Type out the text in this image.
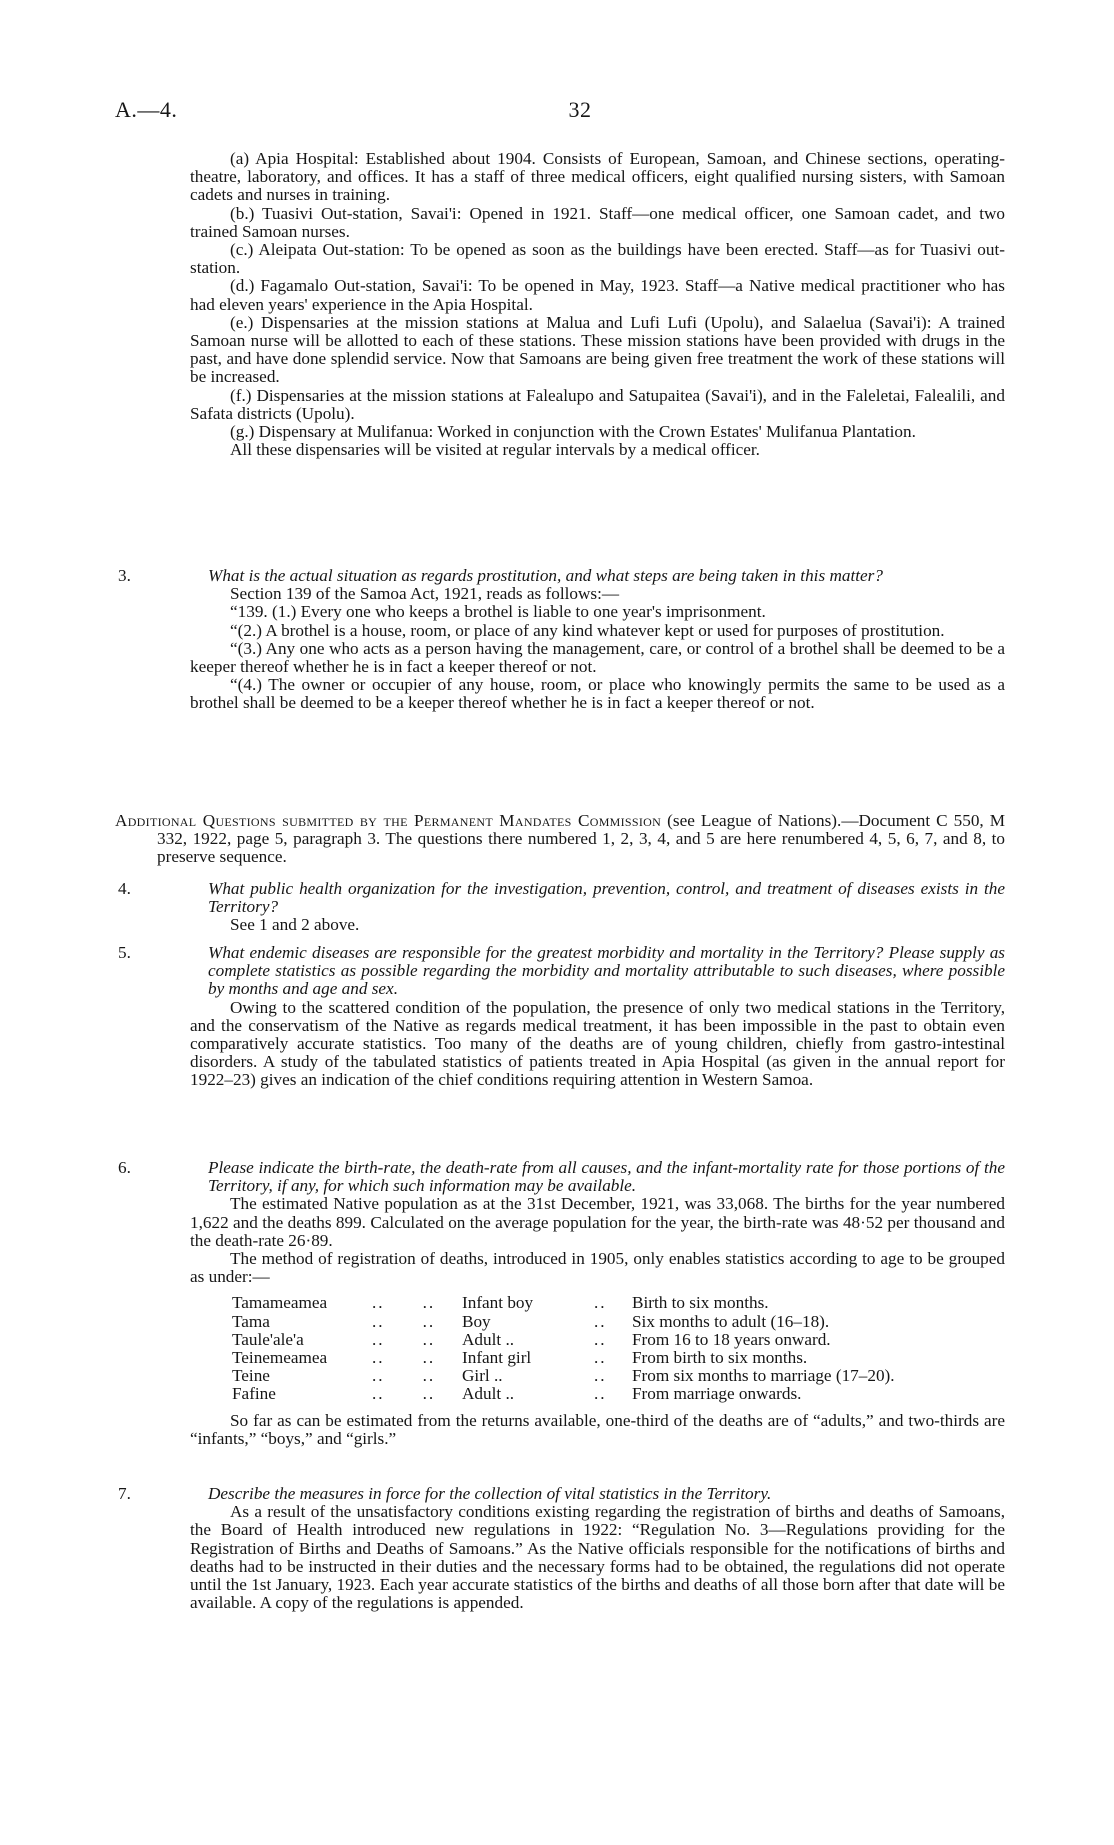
A.—4.	32

(a) Apia Hospital: Established about 1904. Consists of European, Samoan, and Chinese sections, operating-theatre, laboratory, and offices. It has a staff of three medical officers, eight qualified nursing sisters, with Samoan cadets and nurses in training.

(b.) Tuasivi Out-station, Savai'i: Opened in 1921. Staff—one medical officer, one Samoan cadet, and two trained Samoan nurses.

(c.) Aleipata Out-station: To be opened as soon as the buildings have been erected. Staff—as for Tuasivi out-station.

(d.) Fagamalo Out-station, Savai'i: To be opened in May, 1923. Staff—a Native medical practitioner who has had eleven years' experience in the Apia Hospital.

(e.) Dispensaries at the mission stations at Malua and Lufi Lufi (Upolu), and Salaelua (Savai'i): A trained Samoan nurse will be allotted to each of these stations. These mission stations have been provided with drugs in the past, and have done splendid service. Now that Samoans are being given free treatment the work of these stations will be increased.

(f.) Dispensaries at the mission stations at Falealupo and Satupaitea (Savai'i), and in the Faleletai, Falealili, and Safata districts (Upolu).

(g.) Dispensary at Mulifanua: Worked in conjunction with the Crown Estates' Mulifanua Plantation.

All these dispensaries will be visited at regular intervals by a medical officer.

3.	What is the actual situation as regards prostitution, and what steps are being taken in this matter?

Section 139 of the Samoa Act, 1921, reads as follows:—

“139. (1.) Every one who keeps a brothel is liable to one year's imprisonment.

“(2.) A brothel is a house, room, or place of any kind whatever kept or used for purposes of prostitution.

“(3.) Any one who acts as a person having the management, care, or control of a brothel shall be deemed to be a keeper thereof whether he is in fact a keeper thereof or not.

“(4.) The owner or occupier of any house, room, or place who knowingly permits the same to be used as a brothel shall be deemed to be a keeper thereof whether he is in fact a keeper thereof or not.

Additional Questions submitted by the Permanent Mandates Commission (see League of Nations).—Document C 550, M 332, 1922, page 5, paragraph 3. The questions there numbered 1, 2, 3, 4, and 5 are here renumbered 4, 5, 6, 7, and 8, to preserve sequence.

4.	What public health organization for the investigation, prevention, control, and treatment of diseases exists in the Territory?

See 1 and 2 above.

5.	What endemic diseases are responsible for the greatest morbidity and mortality in the Territory? Please supply as complete statistics as possible regarding the morbidity and mortality attributable to such diseases, where possible by months and age and sex.

Owing to the scattered condition of the population, the presence of only two medical stations in the Territory, and the conservatism of the Native as regards medical treatment, it has been impossible in the past to obtain even comparatively accurate statistics. Too many of the deaths are of young children, chiefly from gastro-intestinal disorders. A study of the tabulated statistics of patients treated in Apia Hospital (as given in the annual report for 1922–23) gives an indication of the chief conditions requiring attention in Western Samoa.

6.	Please indicate the birth-rate, the death-rate from all causes, and the infant-mortality rate for those portions of the Territory, if any, for which such information may be available.

The estimated Native population as at the 31st December, 1921, was 33,068. The births for the year numbered 1,622 and the deaths 899. Calculated on the average population for the year, the birth-rate was 48·52 per thousand and the death-rate 26·89.

The method of registration of deaths, introduced in 1905, only enables statistics according to age to be grouped as under:—

Tamameamea	.. ..	Infant boy	..	Birth to six months.
Tama	.. ..	Boy	..	Six months to adult (16–18).
Taule'ale'a	.. ..	Adult ..	..	From 16 to 18 years onward.
Teinemeamea	.. ..	Infant girl	..	From birth to six months.
Teine	.. ..	Girl ..	..	From six months to marriage (17–20).
Fafine	.. ..	Adult ..	..	From marriage onwards.

So far as can be estimated from the returns available, one-third of the deaths are of “adults,” and two-thirds are “infants,” “boys,” and “girls.”

7.	Describe the measures in force for the collection of vital statistics in the Territory.

As a result of the unsatisfactory conditions existing regarding the registration of births and deaths of Samoans, the Board of Health introduced new regulations in 1922: “Regulation No. 3—Regulations providing for the Registration of Births and Deaths of Samoans.” As the Native officials responsible for the notifications of births and deaths had to be instructed in their duties and the necessary forms had to be obtained, the regulations did not operate until the 1st January, 1923. Each year accurate statistics of the births and deaths of all those born after that date will be available. A copy of the regulations is appended.
